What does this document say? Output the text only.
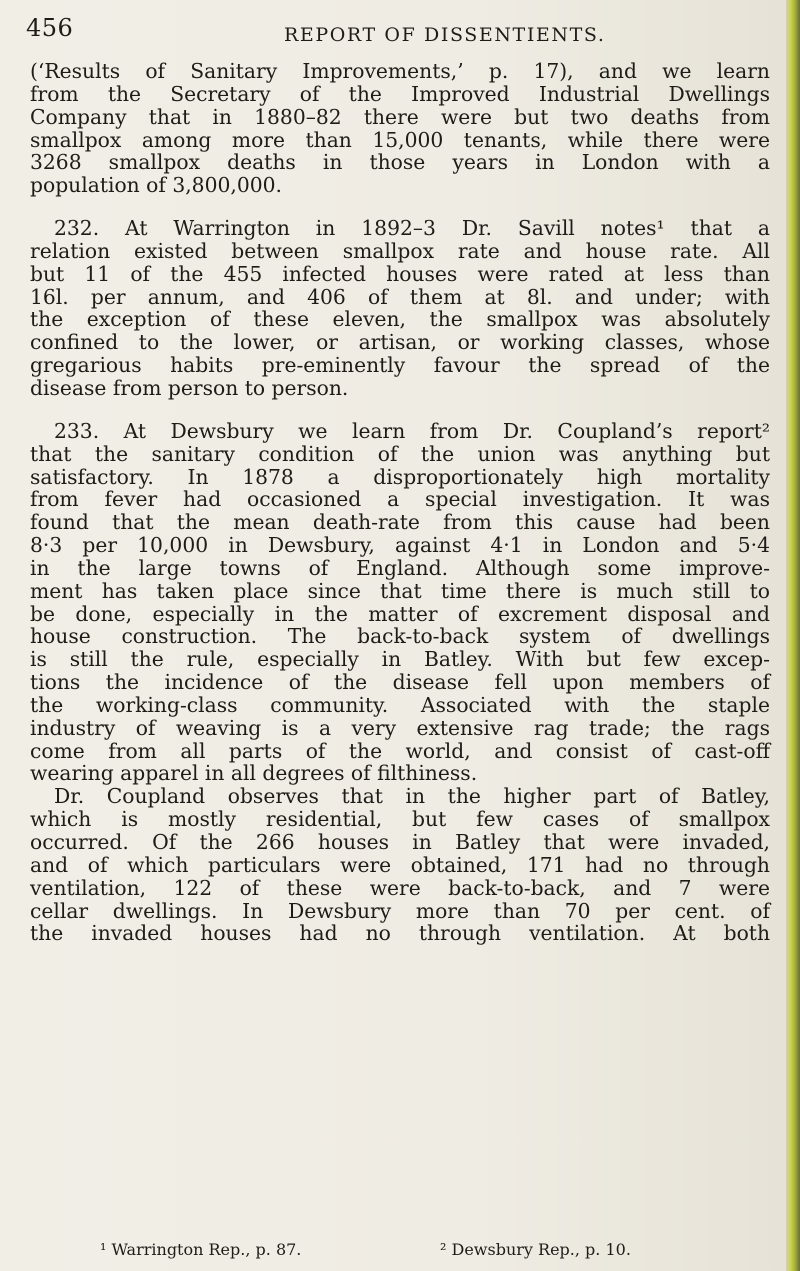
456	REPORT OF DISSENTIENTS.
(‘Results of Sanitary Improvements,’ p. 17), and we learn
from the Secretary of the Improved Industrial Dwellings
Company that in 1880–82 there were but two deaths from
smallpox among more than 15,000 tenants, while there were
3268 smallpox deaths in those years in London with a
population of 3,800,000.
232. At Warrington in 1892–3 Dr. Savill notes¹ that a
relation existed between smallpox rate and house rate. All
but 11 of the 455 infected houses were rated at less than
16l. per annum, and 406 of them at 8l. and under; with
the exception of these eleven, the smallpox was absolutely
confined to the lower, or artisan, or working classes, whose
gregarious habits pre-eminently favour the spread of the
disease from person to person.
233. At Dewsbury we learn from Dr. Coupland’s report²
that the sanitary condition of the union was anything but
satisfactory. In 1878 a disproportionately high mortality
from fever had occasioned a special investigation. It was
found that the mean death-rate from this cause had been
8·3 per 10,000 in Dewsbury, against 4·1 in London and 5·4
in the large towns of England. Although some improve-
ment has taken place since that time there is much still to
be done, especially in the matter of excrement disposal and
house construction. The back-to-back system of dwellings
is still the rule, especially in Batley. With but few excep-
tions the incidence of the disease fell upon members of
the working-class community. Associated with the staple
industry of weaving is a very extensive rag trade; the rags
come from all parts of the world, and consist of cast-off
wearing apparel in all degrees of filthiness.
Dr. Coupland observes that in the higher part of Batley,
which is mostly residential, but few cases of smallpox
occurred. Of the 266 houses in Batley that were invaded,
and of which particulars were obtained, 171 had no through
ventilation, 122 of these were back-to-back, and 7 were
cellar dwellings. In Dewsbury more than 70 per cent. of
the invaded houses had no through ventilation. At both
¹ Warrington Rep., p. 87.	² Dewsbury Rep., p. 10.
